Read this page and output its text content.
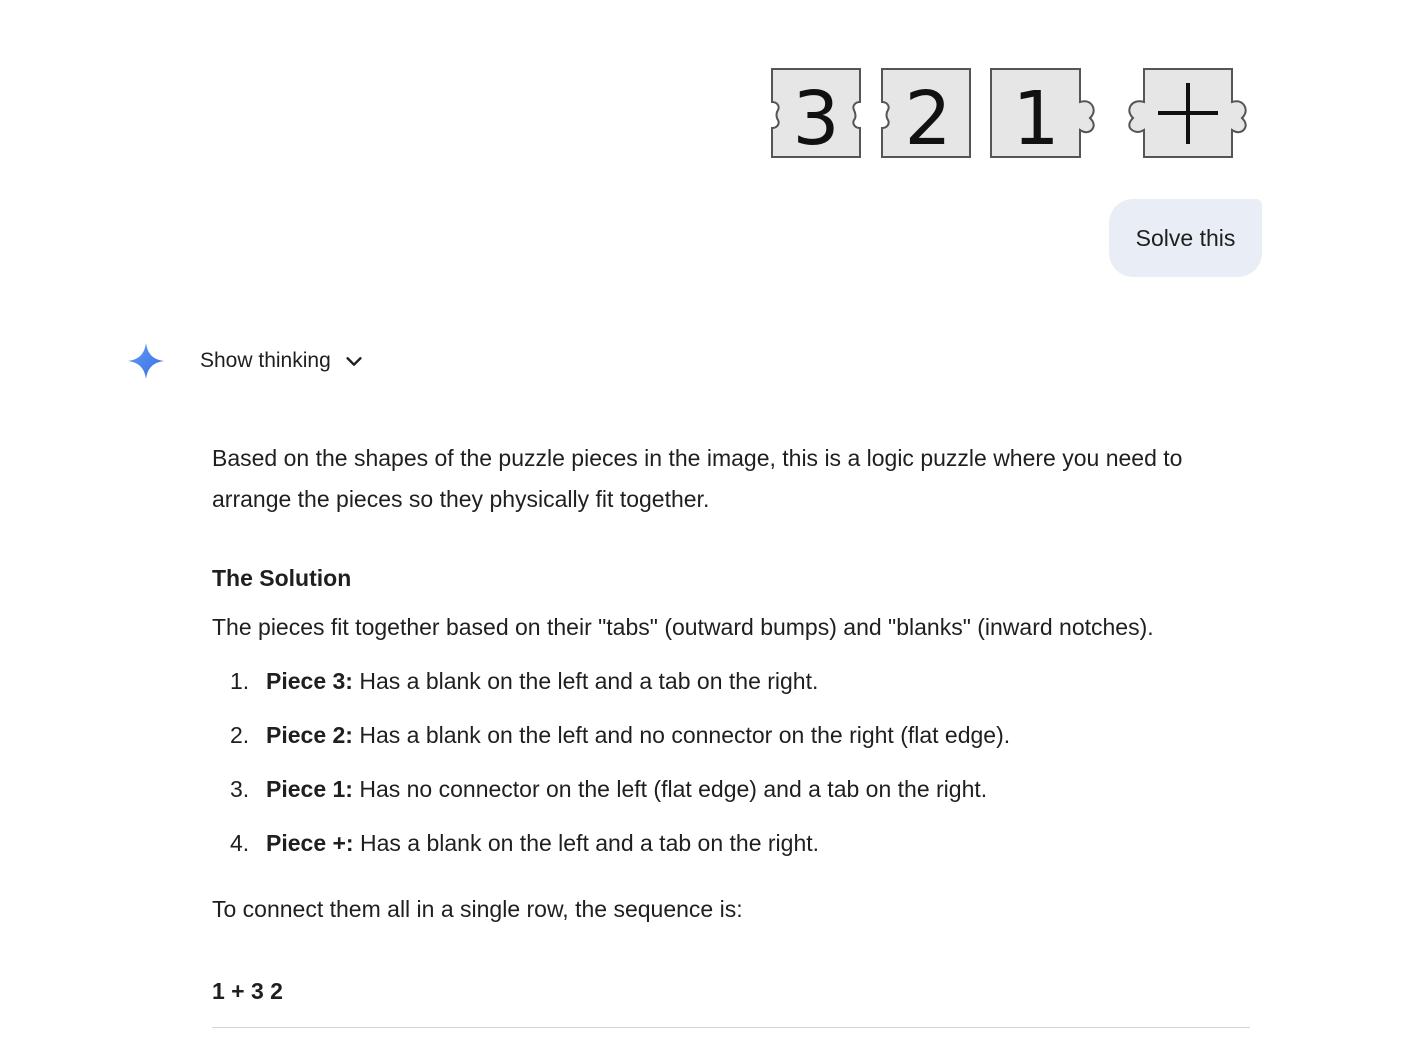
3 2 1
Solve this
Show thinking

Based on the shapes of the puzzle pieces in the image, this is a logic puzzle where you need to arrange the pieces so they physically fit together.

The Solution
The pieces fit together based on their "tabs" (outward bumps) and "blanks" (inward notches).
1. Piece 3: Has a blank on the left and a tab on the right.
2. Piece 2: Has a blank on the left and no connector on the right (flat edge).
3. Piece 1: Has no connector on the left (flat edge) and a tab on the right.
4. Piece +: Has a blank on the left and a tab on the right.
To connect them all in a single row, the sequence is:
1 + 3 2
